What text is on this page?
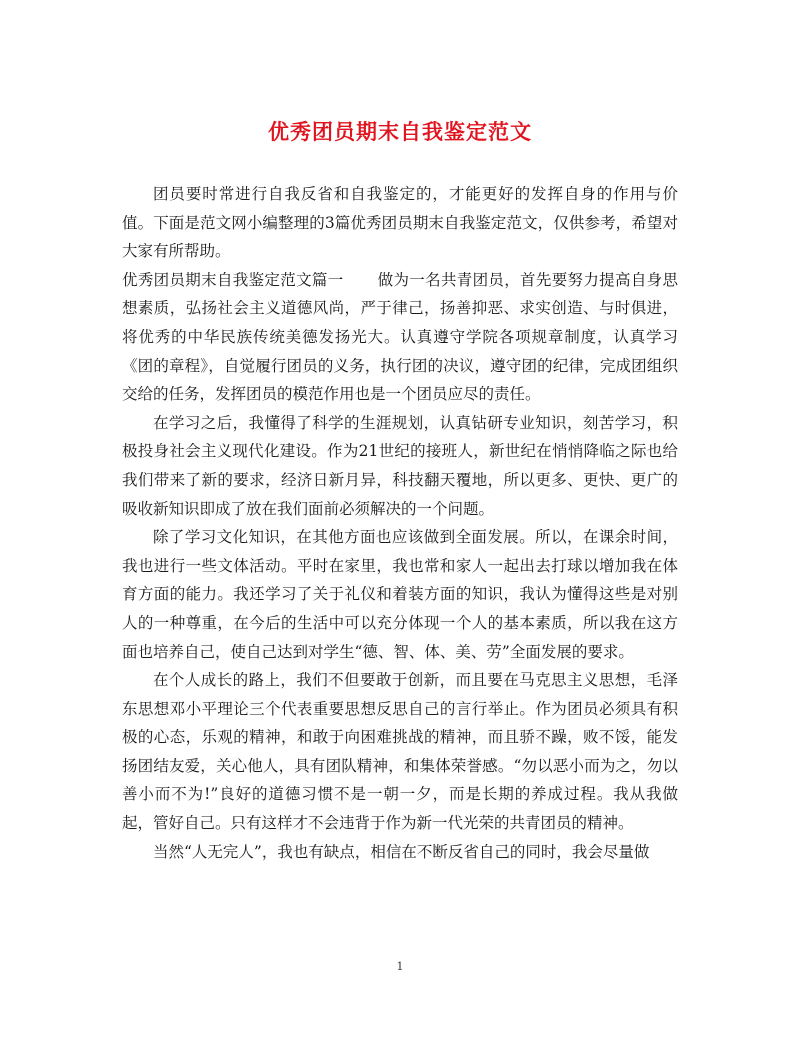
优秀团员期末自我鉴定范文

团员要时常进行自我反省和自我鉴定的，才能更好的发挥自身的作用与价值。下面是范文网小编整理的3篇优秀团员期末自我鉴定范文，仅供参考，希望对大家有所帮助。

优秀团员期末自我鉴定范文篇一 做为一名共青团员，首先要努力提高自身思想素质，弘扬社会主义道德风尚，严于律己，扬善抑恶、求实创造、与时俱进，将优秀的中华民族传统美德发扬光大。认真遵守学院各项规章制度，认真学习《团的章程》，自觉履行团员的义务，执行团的决议，遵守团的纪律，完成团组织交给的任务，发挥团员的模范作用也是一个团员应尽的责任。

在学习之后，我懂得了科学的生涯规划，认真钻研专业知识，刻苦学习，积极投身社会主义现代化建设。作为21世纪的接班人，新世纪在悄悄降临之际也给我们带来了新的要求，经济日新月异，科技翻天覆地，所以更多、更快、更广的吸收新知识即成了放在我们面前必须解决的一个问题。

除了学习文化知识，在其他方面也应该做到全面发展。所以，在课余时间，我也进行一些文体活动。平时在家里，我也常和家人一起出去打球以增加我在体育方面的能力。我还学习了关于礼仪和着装方面的知识，我认为懂得这些是对别人的一种尊重，在今后的生活中可以充分体现一个人的基本素质，所以我在这方面也培养自己，使自己达到对学生“德、智、体、美、劳”全面发展的要求。

在个人成长的路上，我们不但要敢于创新，而且要在马克思主义思想，毛泽东思想邓小平理论三个代表重要思想反思自己的言行举止。作为团员必须具有积极的心态，乐观的精神，和敢于向困难挑战的精神，而且骄不躁，败不馁，能发扬团结友爱，关心他人，具有团队精神，和集体荣誉感。“勿以恶小而为之，勿以善小而不为!”良好的道德习惯不是一朝一夕，而是长期的养成过程。我从我做起，管好自己。只有这样才不会违背于作为新一代光荣的共青团员的精神。

当然“人无完人”，我也有缺点，相信在不断反省自己的同时，我会尽量做

1
